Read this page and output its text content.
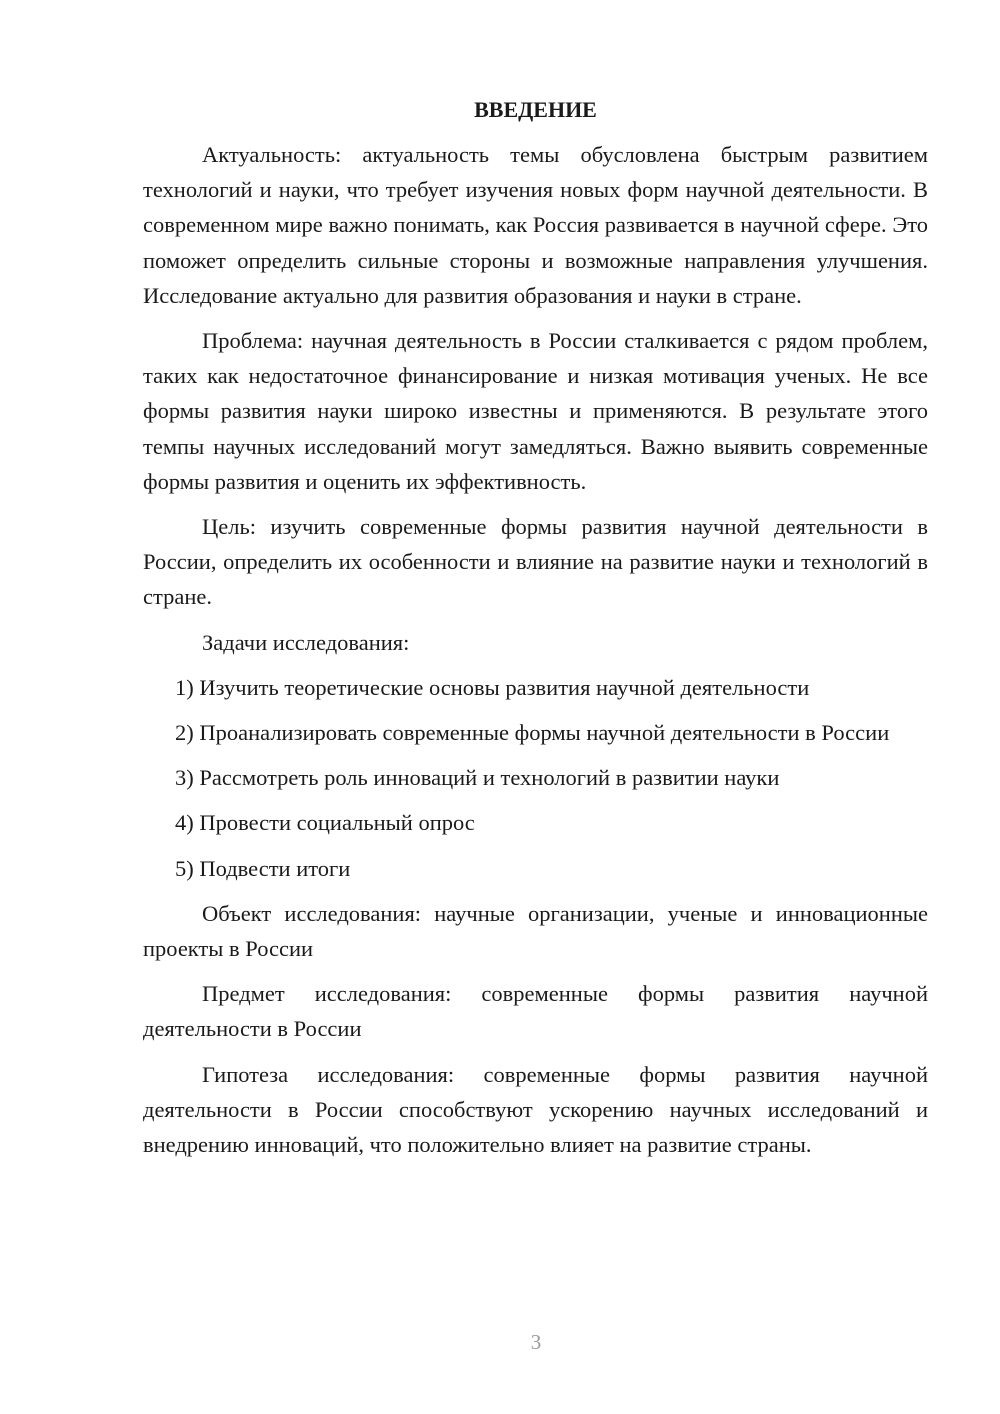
ВВЕДЕНИЕ

Актуальность: актуальность темы обусловлена быстрым развитием технологий и науки, что требует изучения новых форм научной деятельности. В современном мире важно понимать, как Россия развивается в научной сфере. Это поможет определить сильные стороны и возможные направления улучшения. Исследование актуально для развития образования и науки в стране.

Проблема: научная деятельность в России сталкивается с рядом проблем, таких как недостаточное финансирование и низкая мотивация ученых. Не все формы развития науки широко известны и применяются. В результате этого темпы научных исследований могут замедляться. Важно выявить современные формы развития и оценить их эффективность.

Цель: изучить современные формы развития научной деятельности в России, определить их особенности и влияние на развитие науки и технологий в стране.

Задачи исследования:

1) Изучить теоретические основы развития научной деятельности

2) Проанализировать современные формы научной деятельности в России

3) Рассмотреть роль инноваций и технологий в развитии науки

4) Провести социальный опрос

5) Подвести итоги

Объект исследования: научные организации, ученые и инновационные проекты в России

Предмет исследования: современные формы развития научной деятельности в России

Гипотеза исследования: современные формы развития научной деятельности в России способствуют ускорению научных исследований и внедрению инноваций, что положительно влияет на развитие страны.

3
